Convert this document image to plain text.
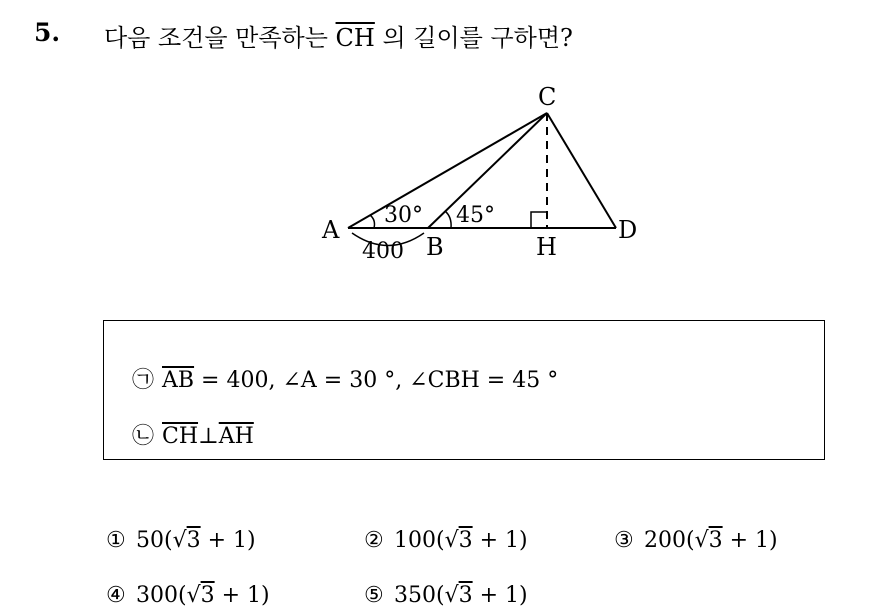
5. 다음 조건을 만족하는 $\overline{CH}$ 의 길이를 구하면?
C
A
B	H
D
30° 45°
400
㉠ $\overline{AB} = 400$, ∠A = 30 °, ∠CBH = 45 °
㉡ $\overline{CH}\perp\overline{AH}$
① 50(√3 + 1)	② 100(√3 + 1)	③ 200(√3 + 1)
④ 300(√3 + 1)	⑤ 350(√3 + 1)
